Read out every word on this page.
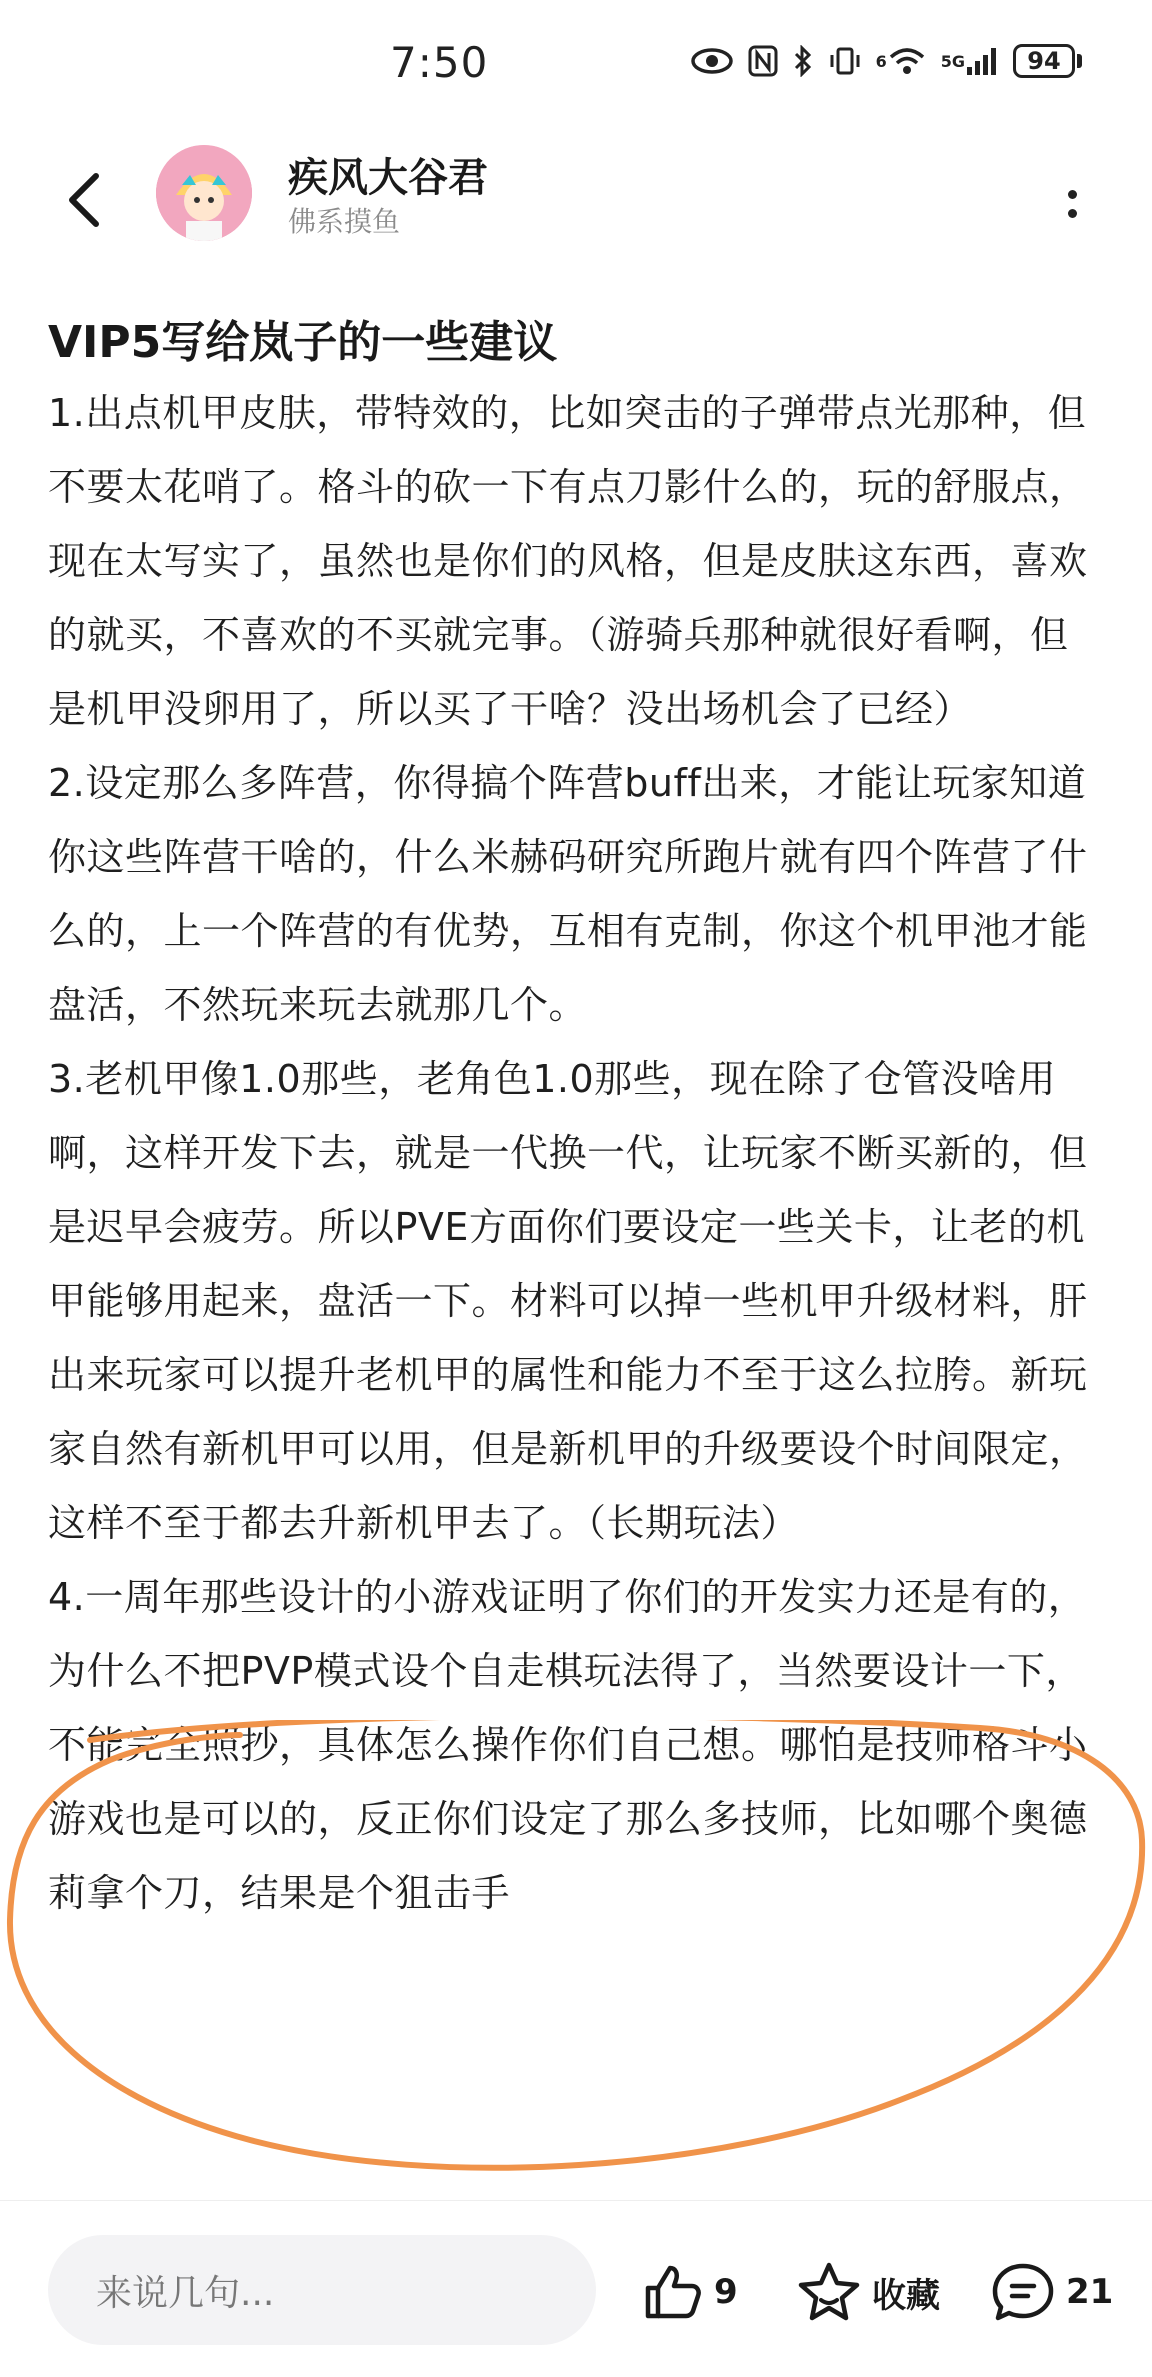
7:50	6	5G	94
疾风大谷君
佛系摸鱼
VIP5写给岚子的一些建议

1.出点机甲皮肤，带特效的，比如突击的子弹带点光那种，但不要太花哨了。格斗的砍一下有点刀影什么的，玩的舒服点，现在太写实了，虽然也是你们的风格，但是皮肤这东西，喜欢的就买，不喜欢的不买就完事。（游骑兵那种就很好看啊，但是机甲没卵用了，所以买了干啥？没出场机会了已经）

2.设定那么多阵营，你得搞个阵营buff出来，才能让玩家知道你这些阵营干啥的，什么米赫码研究所跑片就有四个阵营了什么的，上一个阵营的有优势，互相有克制，你这个机甲池才能盘活，不然玩来玩去就那几个。

3.老机甲像1.0那些，老角色1.0那些，现在除了仓管没啥用啊，这样开发下去，就是一代换一代，让玩家不断买新的，但是迟早会疲劳。所以PVE方面你们要设定一些关卡，让老的机甲能够用起来，盘活一下。材料可以掉一些机甲升级材料，肝出来玩家可以提升老机甲的属性和能力不至于这么拉胯。新玩家自然有新机甲可以用，但是新机甲的升级要设个时间限定，这样不至于都去升新机甲去了。（长期玩法）

4.一周年那些设计的小游戏证明了你们的开发实力还是有的，为什么不把PVP模式设个自走棋玩法得了，当然要设计一下，不能完全照抄，具体怎么操作你们自己想。哪怕是技师格斗小游戏也是可以的，反正你们设定了那么多技师，比如哪个奥德莉拿个刀，结果是个狙击手

来说几句...	9	收藏	21
